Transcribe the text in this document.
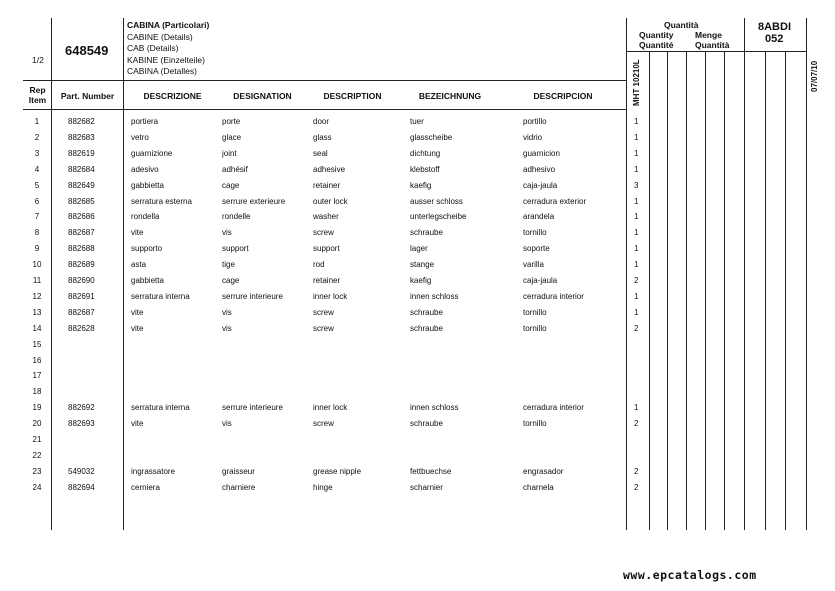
1/2
648549
CABINA (Particolari)
CABINE (Details)
CAB (Details)
KABINE (Einzelteile)
CABINA (Detalles)
Quantità
Quantity	Menge
Quantité	Quantità
8ABDI
052
MHT 10210L	07/07/10
Rep
Item	Part. Number	DESCRIZIONE	DESIGNATION	DESCRIPTION	BEZEICHNUNG	DESCRIPCION
1	882682	portiera	porte	door	tuer	portillo	1
2	882683	vetro	glace	glass	glasscheibe	vidrio	1
3	882619	guarnizione	joint	seal	dichtung	guarnicion	1
4	882684	adesivo	adhésif	adhesive	klebstoff	adhesivo	1
5	882649	gabbietta	cage	retainer	kaefig	caja-jaula	3
6	882685	serratura esterna	serrure exterieure	outer lock	ausser schloss	cerradura exterior	1
7	882686	rondella	rondelle	washer	unterlegscheibe	arandela	1
8	882687	vite	vis	screw	schraube	tornillo	1
9	882688	supporto	support	support	lager	soporte	1
10	882689	asta	tige	rod	stange	varilla	1
11	882690	gabbietta	cage	retainer	kaefig	caja-jaula	2
12	882691	serratura interna	serrure interieure	inner lock	innen schloss	cerradura interior	1
13	882687	vite	vis	screw	schraube	tornillo	1
14	882628	vite	vis	screw	schraube	tornillo	2
15
16
17
18
19	882692	serratura interna	serrure interieure	inner lock	innen schloss	cerradura interior	1
20	882693	vite	vis	screw	schraube	tornillo	2
21
22
23	549032	ingrassatore	graisseur	grease nipple	fettbuechse	engrasador	2
24	882694	cerniera	charniere	hinge	scharnier	charnela	2
www.epcatalogs.com
